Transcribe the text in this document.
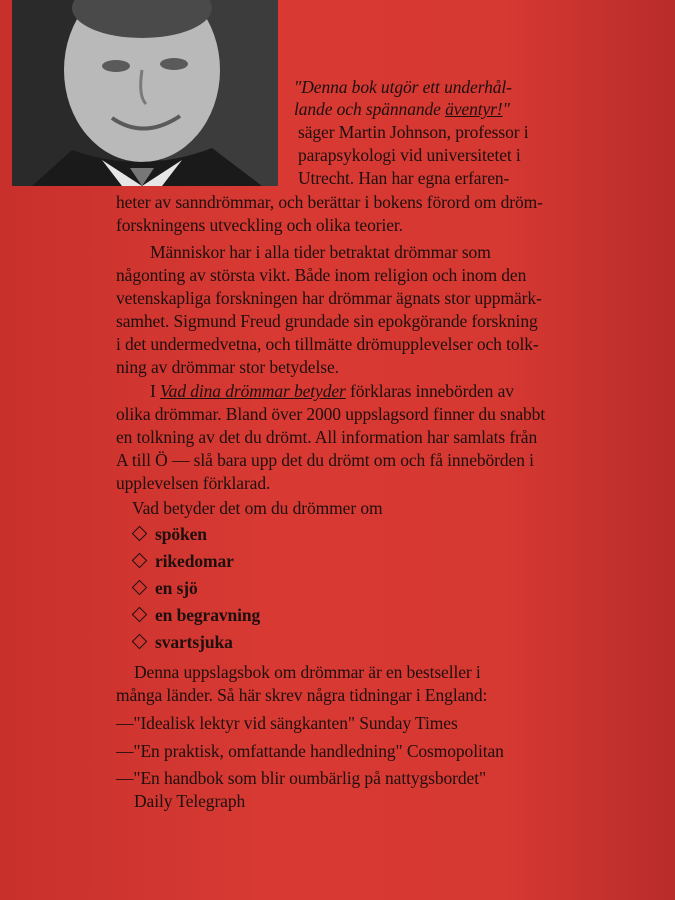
"Denna bok utgör ett underhål-
lande och spännande äventyr!"
säger Martin Johnson, professor i
parapsykologi vid universitetet i
Utrecht. Han har egna erfaren-
heter av sanndrömmar, och berättar i bokens förord om dröm-
forskningens utveckling och olika teorier.
Människor har i alla tider betraktat drömmar som
någonting av största vikt. Både inom religion och inom den
vetenskapliga forskningen har drömmar ägnats stor uppmärk-
samhet. Sigmund Freud grundade sin epokgörande forskning
i det undermedvetna, och tillmätte drömupplevelser och tolk-
ning av drömmar stor betydelse.
I Vad dina drömmar betyder förklaras innebörden av
olika drömmar. Bland över 2000 uppslagsord finner du snabbt
en tolkning av det du drömt. All information har samlats från
A till Ö — slå bara upp det du drömt om och få innebörden i
upplevelsen förklarad.
Vad betyder det om du drömmer om
spöken
rikedomar
en sjö
en begravning
svartsjuka
Denna uppslagsbok om drömmar är en bestseller i
många länder. Så här skrev några tidningar i England:
—"Idealisk lektyr vid sängkanten" Sunday Times
—"En praktisk, omfattande handledning" Cosmopolitan
—"En handbok som blir oumbärlig på nattygsbordet"
Daily Telegraph
